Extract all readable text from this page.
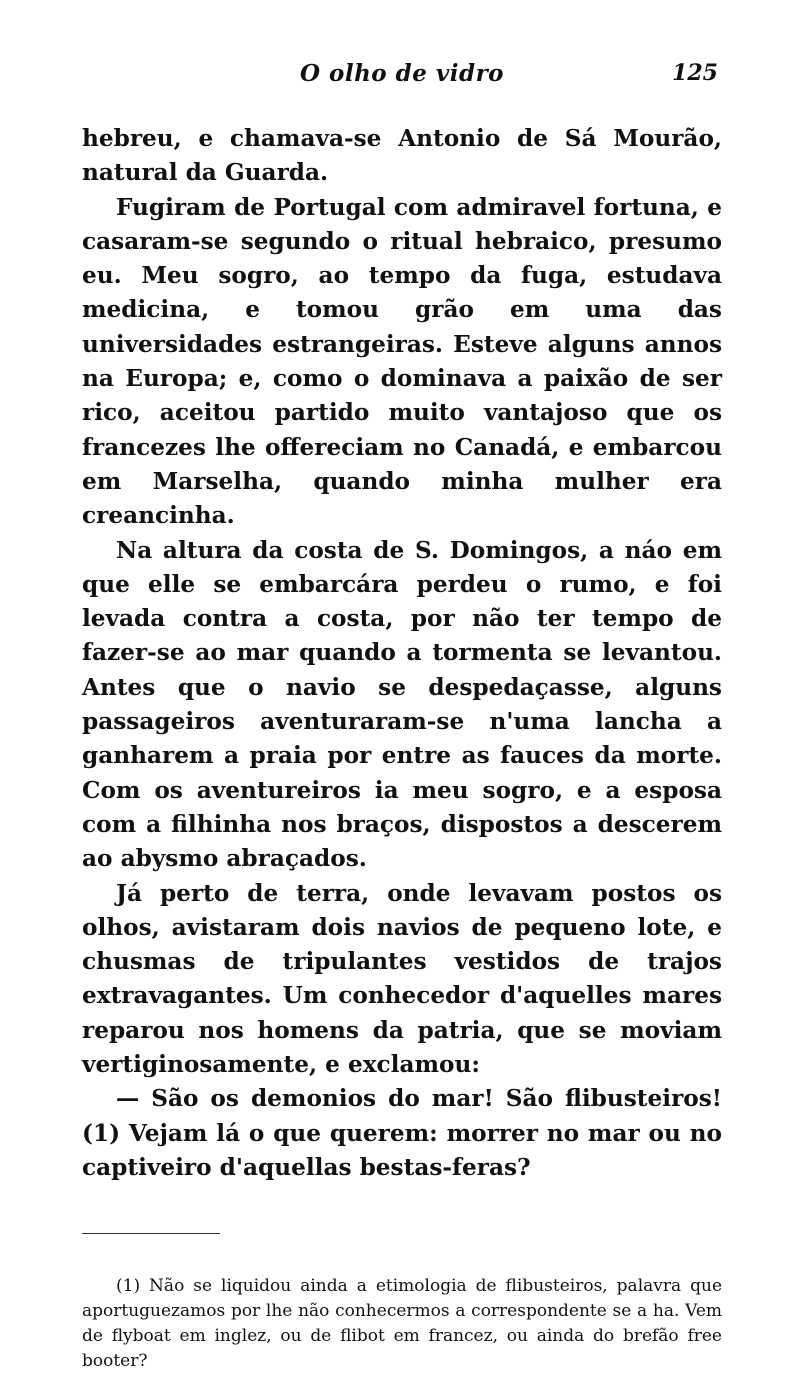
O olho de vidro	125

hebreu, e chamava-se Antonio de Sá Mourão, natural da Guarda.

Fugiram de Portugal com admiravel fortuna, e casaram-se segundo o ritual hebraico, presumo eu. Meu sogro, ao tempo da fuga, estudava medicina, e tomou grão em uma das universidades estrangeiras. Esteve alguns annos na Europa; e, como o dominava a paixão de ser rico, aceitou partido muito vantajoso que os francezes lhe offereciam no Canadá, e embarcou em Marselha, quando minha mulher era creancinha.

Na altura da costa de S. Domingos, a náo em que elle se embarcára perdeu o rumo, e foi levada contra a costa, por não ter tempo de fazer-se ao mar quando a tormenta se levantou. Antes que o navio se despedaçasse, alguns passageiros aventuraram-se n'uma lancha a ganharem a praia por entre as fauces da morte. Com os aventureiros ia meu sogro, e a esposa com a filhinha nos braços, dispostos a descerem ao abysmo abraçados.

Já perto de terra, onde levavam postos os olhos, avistaram dois navios de pequeno lote, e chusmas de tripulantes vestidos de trajos extravagantes. Um conhecedor d'aquelles mares reparou nos homens da patria, que se moviam vertiginosamente, e exclamou:

— São os demonios do mar! São flibusteiros! (1) Vejam lá o que querem: morrer no mar ou no captiveiro d'aquellas bestas-feras?

(1) Não se liquidou ainda a etimologia de flibusteiros, palavra que aportuguezamos por lhe não conhecermos a correspondente se a ha. Vem de flyboat em inglez, ou de flibot em francez, ou ainda do brefão free booter?
